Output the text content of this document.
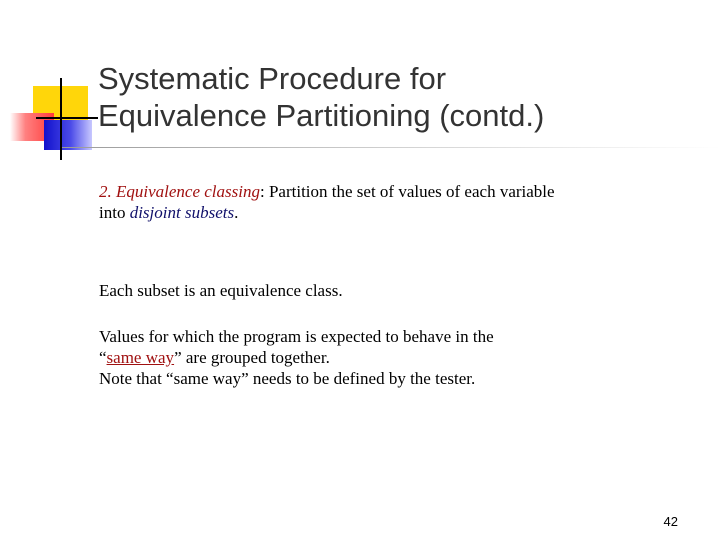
Systematic Procedure for
Equivalence Partitioning (contd.)

2. Equivalence classing: Partition the set of values of each variable
into disjoint subsets.

Each subset is an equivalence class.

Values for which the program is expected to behave in the
“same way” are grouped together.
Note that “same way” needs to be defined by the tester.

42
